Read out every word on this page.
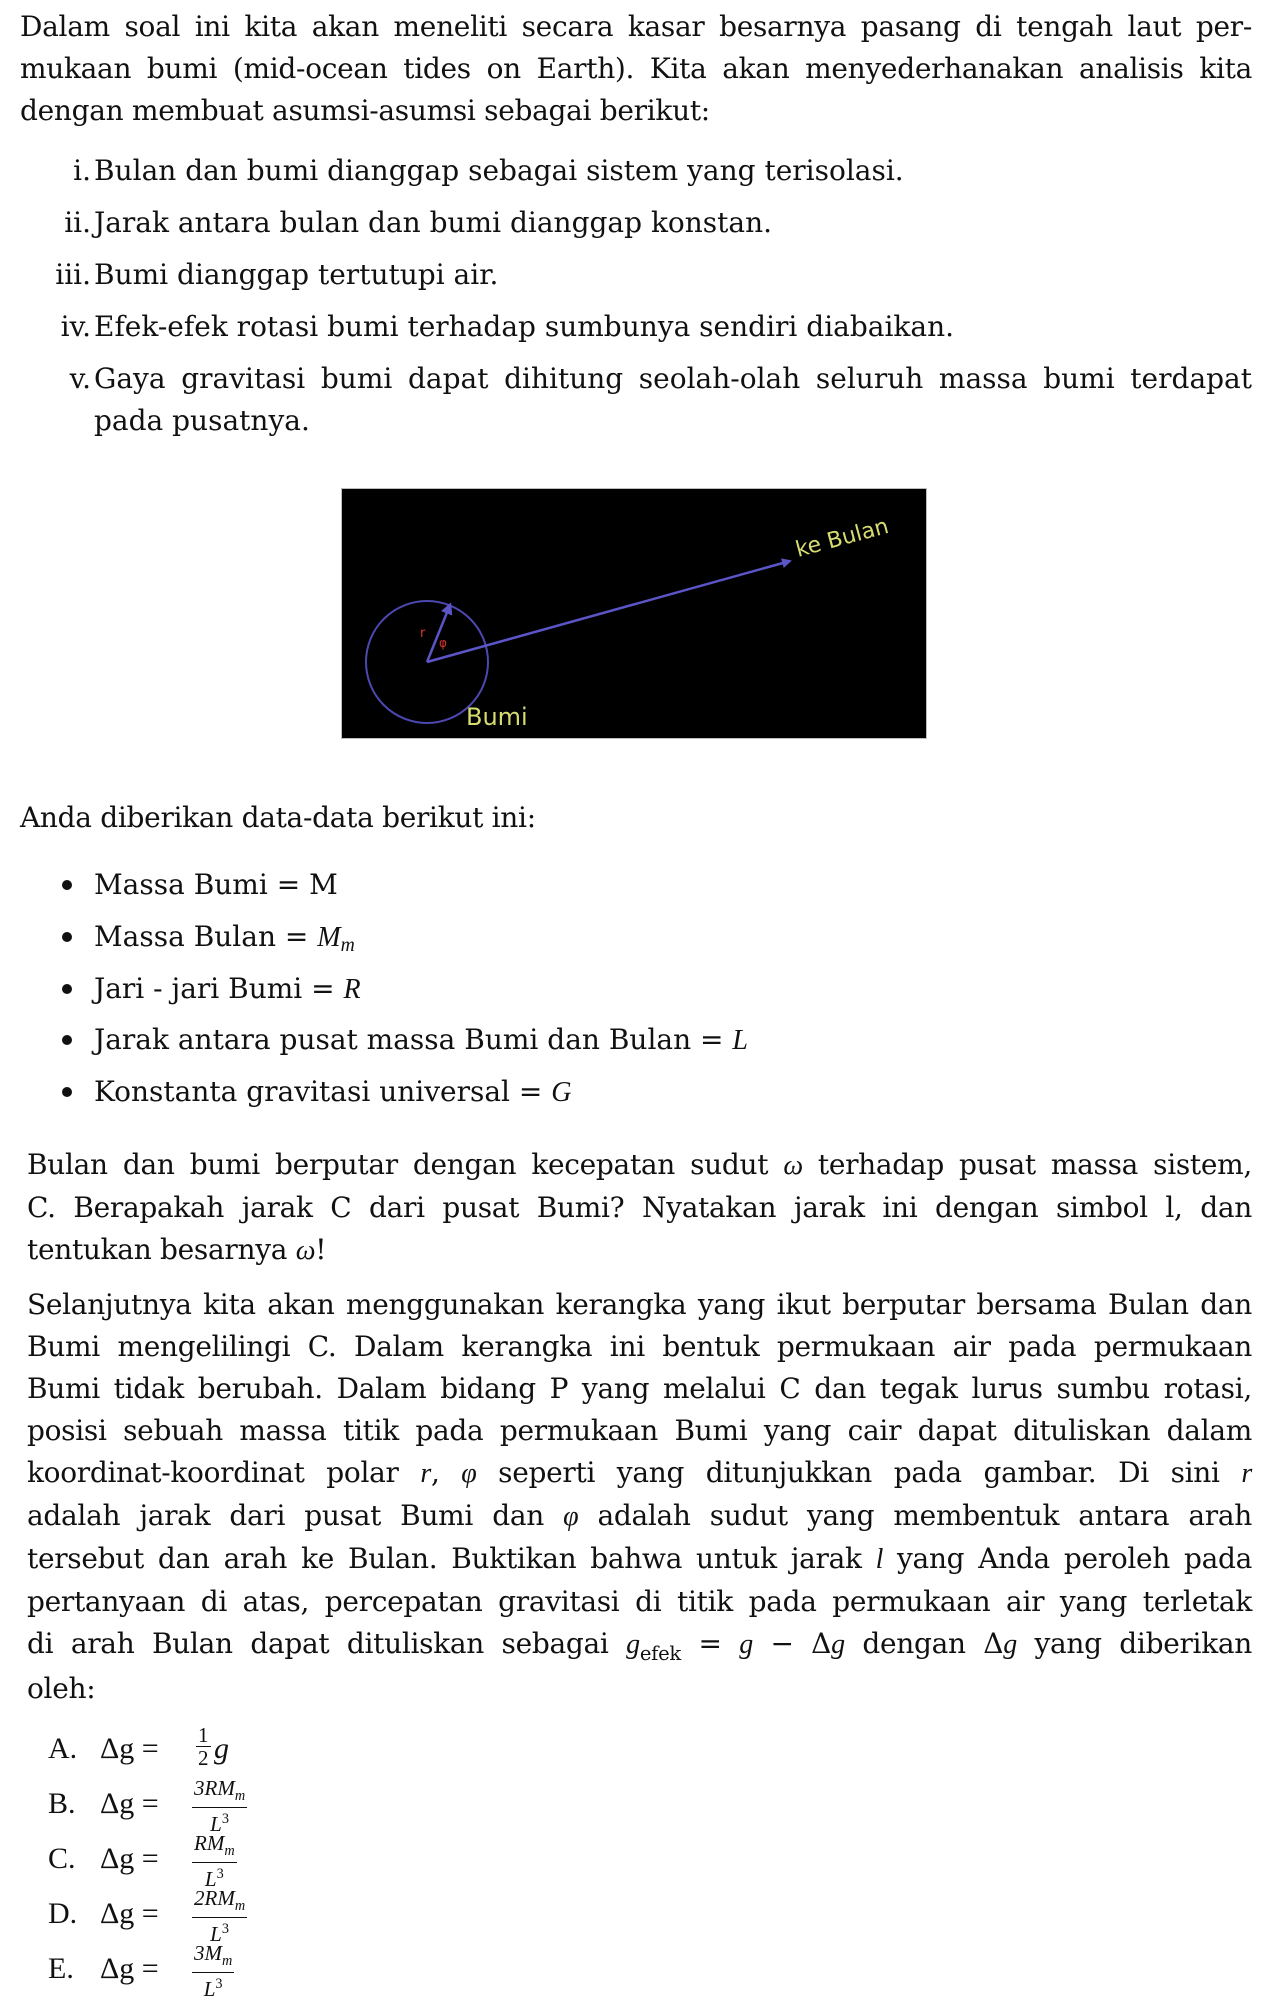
Dalam soal ini kita akan meneliti secara kasar besarnya pasang di tengah laut per-
mukaan bumi (mid-ocean tides on Earth). Kita akan menyederhanakan analisis kita
dengan membuat asumsi-asumsi sebagai berikut:
i. Bulan dan bumi dianggap sebagai sistem yang terisolasi.
ii. Jarak antara bulan dan bumi dianggap konstan.
iii. Bumi dianggap tertutupi air.
iv. Efek-efek rotasi bumi terhadap sumbunya sendiri diabaikan.
v. Gaya gravitasi bumi dapat dihitung seolah-olah seluruh massa bumi terdapat
pada pusatnya.
r
φ
Bumi
ke Bulan
Anda diberikan data-data berikut ini:
Massa Bumi = M
Massa Bulan = Mm
Jari - jari Bumi = R
Jarak antara pusat massa Bumi dan Bulan = L
Konstanta gravitasi universal = G
Bulan dan bumi berputar dengan kecepatan sudut ω terhadap pusat massa sistem,
C. Berapakah jarak C dari pusat Bumi? Nyatakan jarak ini dengan simbol l, dan
tentukan besarnya ω!
Selanjutnya kita akan menggunakan kerangka yang ikut berputar bersama Bulan dan
Bumi mengelilingi C. Dalam kerangka ini bentuk permukaan air pada permukaan
Bumi tidak berubah. Dalam bidang P yang melalui C dan tegak lurus sumbu rotasi,
posisi sebuah massa titik pada permukaan Bumi yang cair dapat dituliskan dalam
koordinat-koordinat polar r, φ seperti yang ditunjukkan pada gambar. Di sini r
adalah jarak dari pusat Bumi dan φ adalah sudut yang membentuk antara arah
tersebut dan arah ke Bulan. Buktikan bahwa untuk jarak l yang Anda peroleh pada
pertanyaan di atas, percepatan gravitasi di titik pada permukaan air yang terletak
di arah Bulan dapat dituliskan sebagai $g_{efek} = g - \Delta g$ dengan Δg yang diberikan
oleh:
A. $\Delta g = \frac{1}{2}$ g
B. $\Delta g = 3RM_m$
$L^3$
C. $\Delta g = RM_m$
$L^3$
D. $\Delta g = 2RM_m$
$L^3$
E. $\Delta g = \frac{3M_m}{L^3}$
